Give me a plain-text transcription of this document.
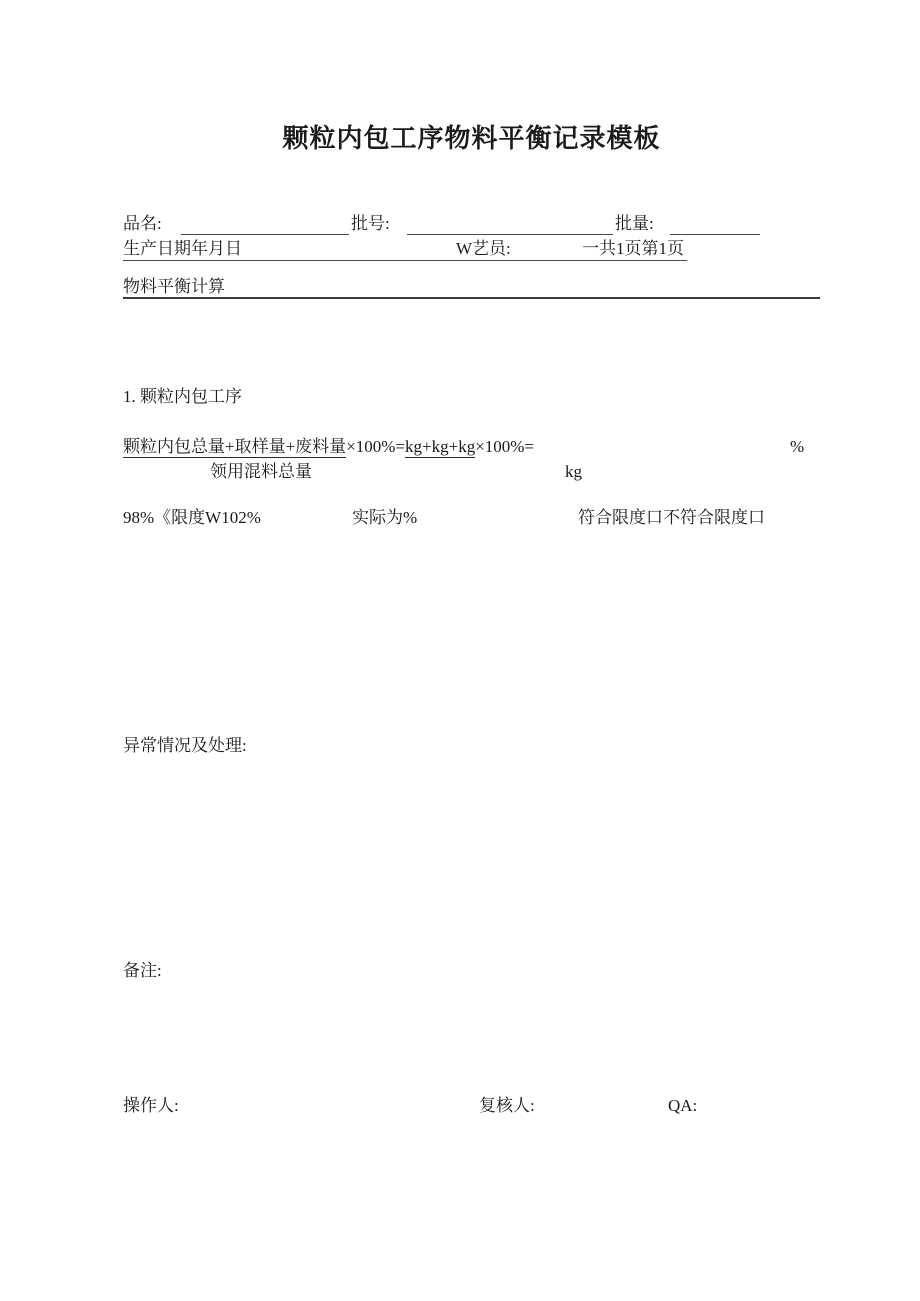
颗粒内包工序物料平衡记录模板
品名:	批号:	批量:
生产日期年月日	W艺员:	一共1页第1页
物料平衡计算
1. 颗粒内包工序
颗粒内包总量+取样量+废料量×100%=kg+kg+kg×100%=	%
领用混料总量	kg
98%《限度W102%	实际为%	符合限度口不符合限度口
异常情况及处理:
备注:
操作人:	复核人:	QA:
